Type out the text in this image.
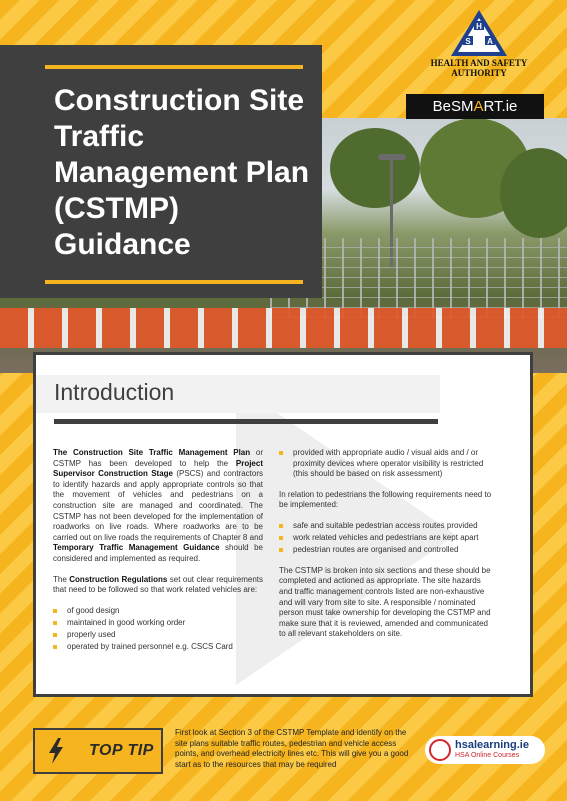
Construction Site Traffic Management Plan (CSTMP) Guidance
H
S A
HEALTH AND SAFETY
AUTHORITY
BeSMART.ie
Introduction

The Construction Site Traffic Management Plan or CSTMP has been developed to help the Project Supervisor Construction Stage (PSCS) and contractors to identify hazards and apply appropriate controls so that the movement of vehicles and pedestrians on a construction site are managed and coordinated. The CSTMP has not been developed for the implementation of roadworks on live roads. Where roadworks are to be carried out on live roads the requirements of Chapter 8 and Temporary Traffic Management Guidance should be considered and implemented as required.

The Construction Regulations set out clear requirements that need to be followed so that work related vehicles are:

of good design
maintained in good working order
properly used
operated by trained personnel e.g. CSCS Card
provided with appropriate audio / visual aids and / or proximity devices where operator visibility is restricted (this should be based on risk assessment)

In relation to pedestrians the following requirements need to be implemented:

safe and suitable pedestrian access routes provided
work related vehicles and pedestrians are kept apart
pedestrian routes are organised and controlled

The CSTMP is broken into six sections and these should be completed and actioned as appropriate. The site hazards and traffic management controls listed are non-exhaustive and will vary from site to site. A responsible / nominated person must take ownership for developing the CSTMP and make sure that it is reviewed, amended and communicated to all relevant stakeholders on site.

TOP TIP
First look at Section 3 of the CSTMP Template and identify on the site plans suitable traffic routes, pedestrian and vehicle access points, and overhead electricity lines etc. This will give you a good start as to the resources that may be required
hsalearning.ie
HSA Online Courses
